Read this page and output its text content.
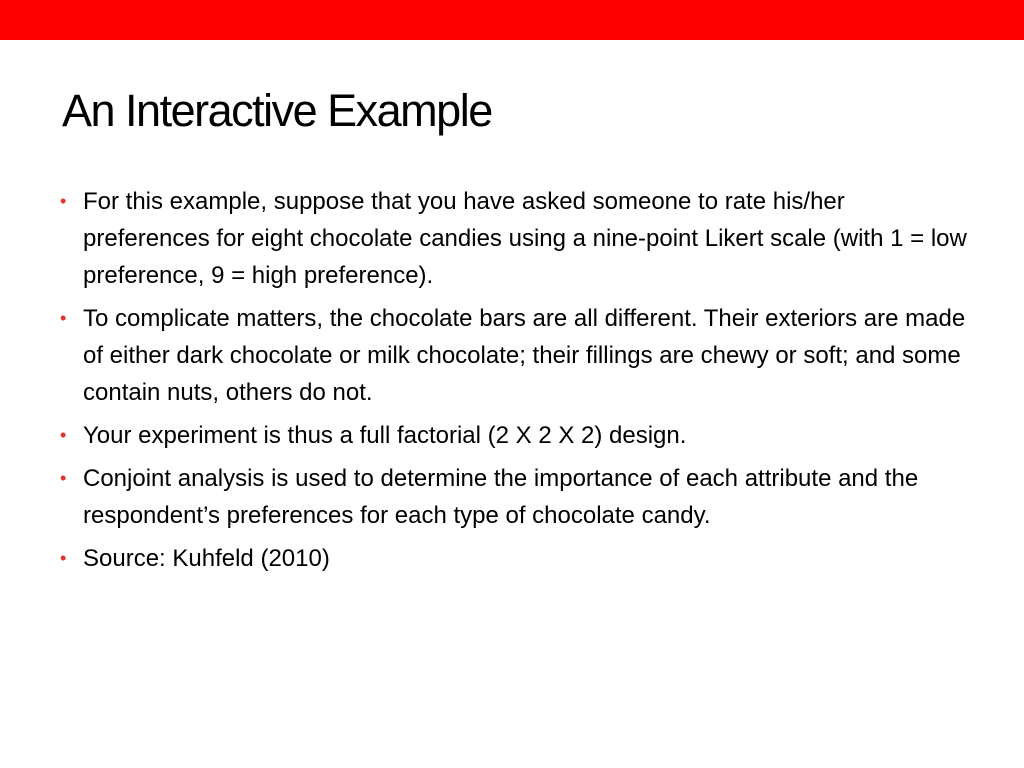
An Interactive Example
• For this example, suppose that you have asked someone to rate his/her preferences for eight chocolate candies using a nine-point Likert scale (with 1 = low preference, 9 = high preference).
• To complicate matters, the chocolate bars are all different. Their exteriors are made of either dark chocolate or milk chocolate; their fillings are chewy or soft; and some contain nuts, others do not.
• Your experiment is thus a full factorial (2 X 2 X 2) design.
• Conjoint analysis is used to determine the importance of each attribute and the respondent’s preferences for each type of chocolate candy.
• Source: Kuhfeld (2010)
